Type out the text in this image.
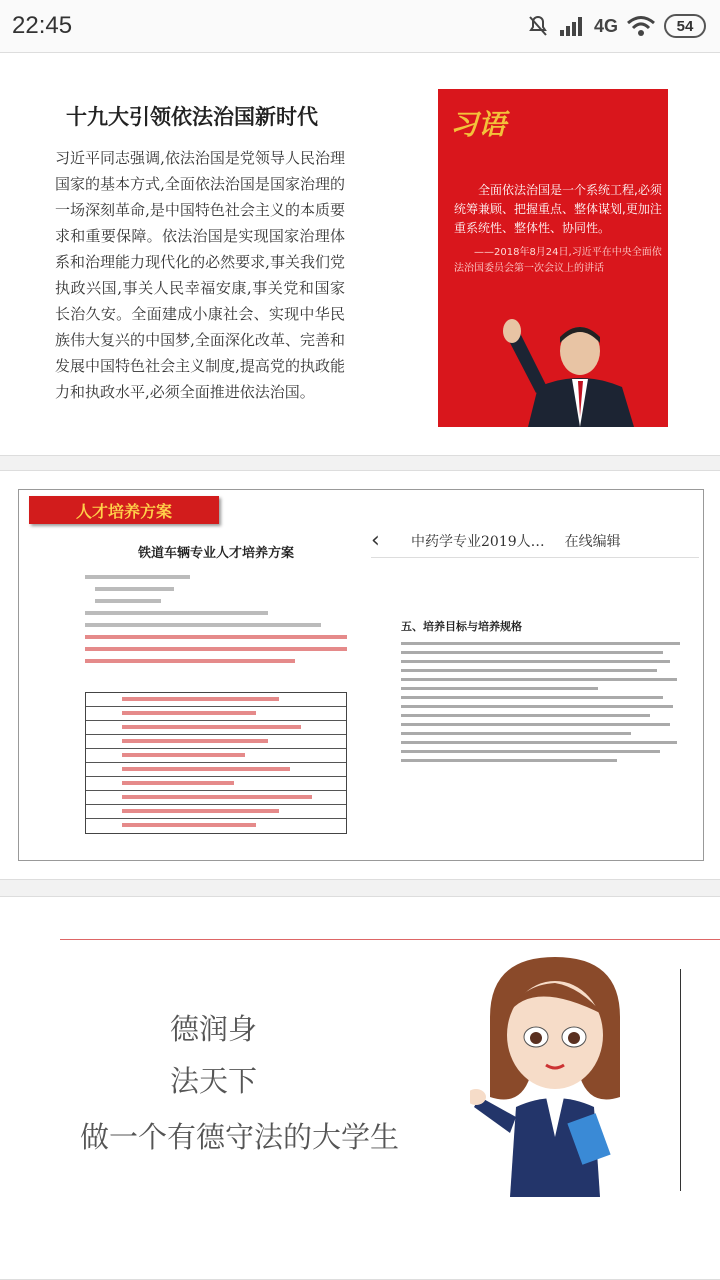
22:45	4G	54
十九大引领依法治国新时代
习近平同志强调,依法治国是党领导人民治理国家的基本方式,全面依法治国是国家治理的一场深刻革命,是中国特色社会主义的本质要求和重要保障。依法治国是实现国家治理体系和治理能力现代化的必然要求,事关我们党执政兴国,事关人民幸福安康,事关党和国家长治久安。全面建成小康社会、实现中华民族伟大复兴的中国梦,全面深化改革、完善和发展中国特色社会主义制度,提高党的执政能力和执政水平,必须全面推进依法治国。
习语
全面依法治国是一个系统工程,必须统筹兼顾、把握重点、整体谋划,更加注重系统性、整体性、协同性。
——2018年8月24日,习近平在中央全面依法治国委员会第一次会议上的讲话
人才培养方案
铁道车辆专业人才培养方案
‹	中药学专业2019人… 在线编辑
五、培养目标与培养规格
德润身
法天下
做一个有德守法的大学生
